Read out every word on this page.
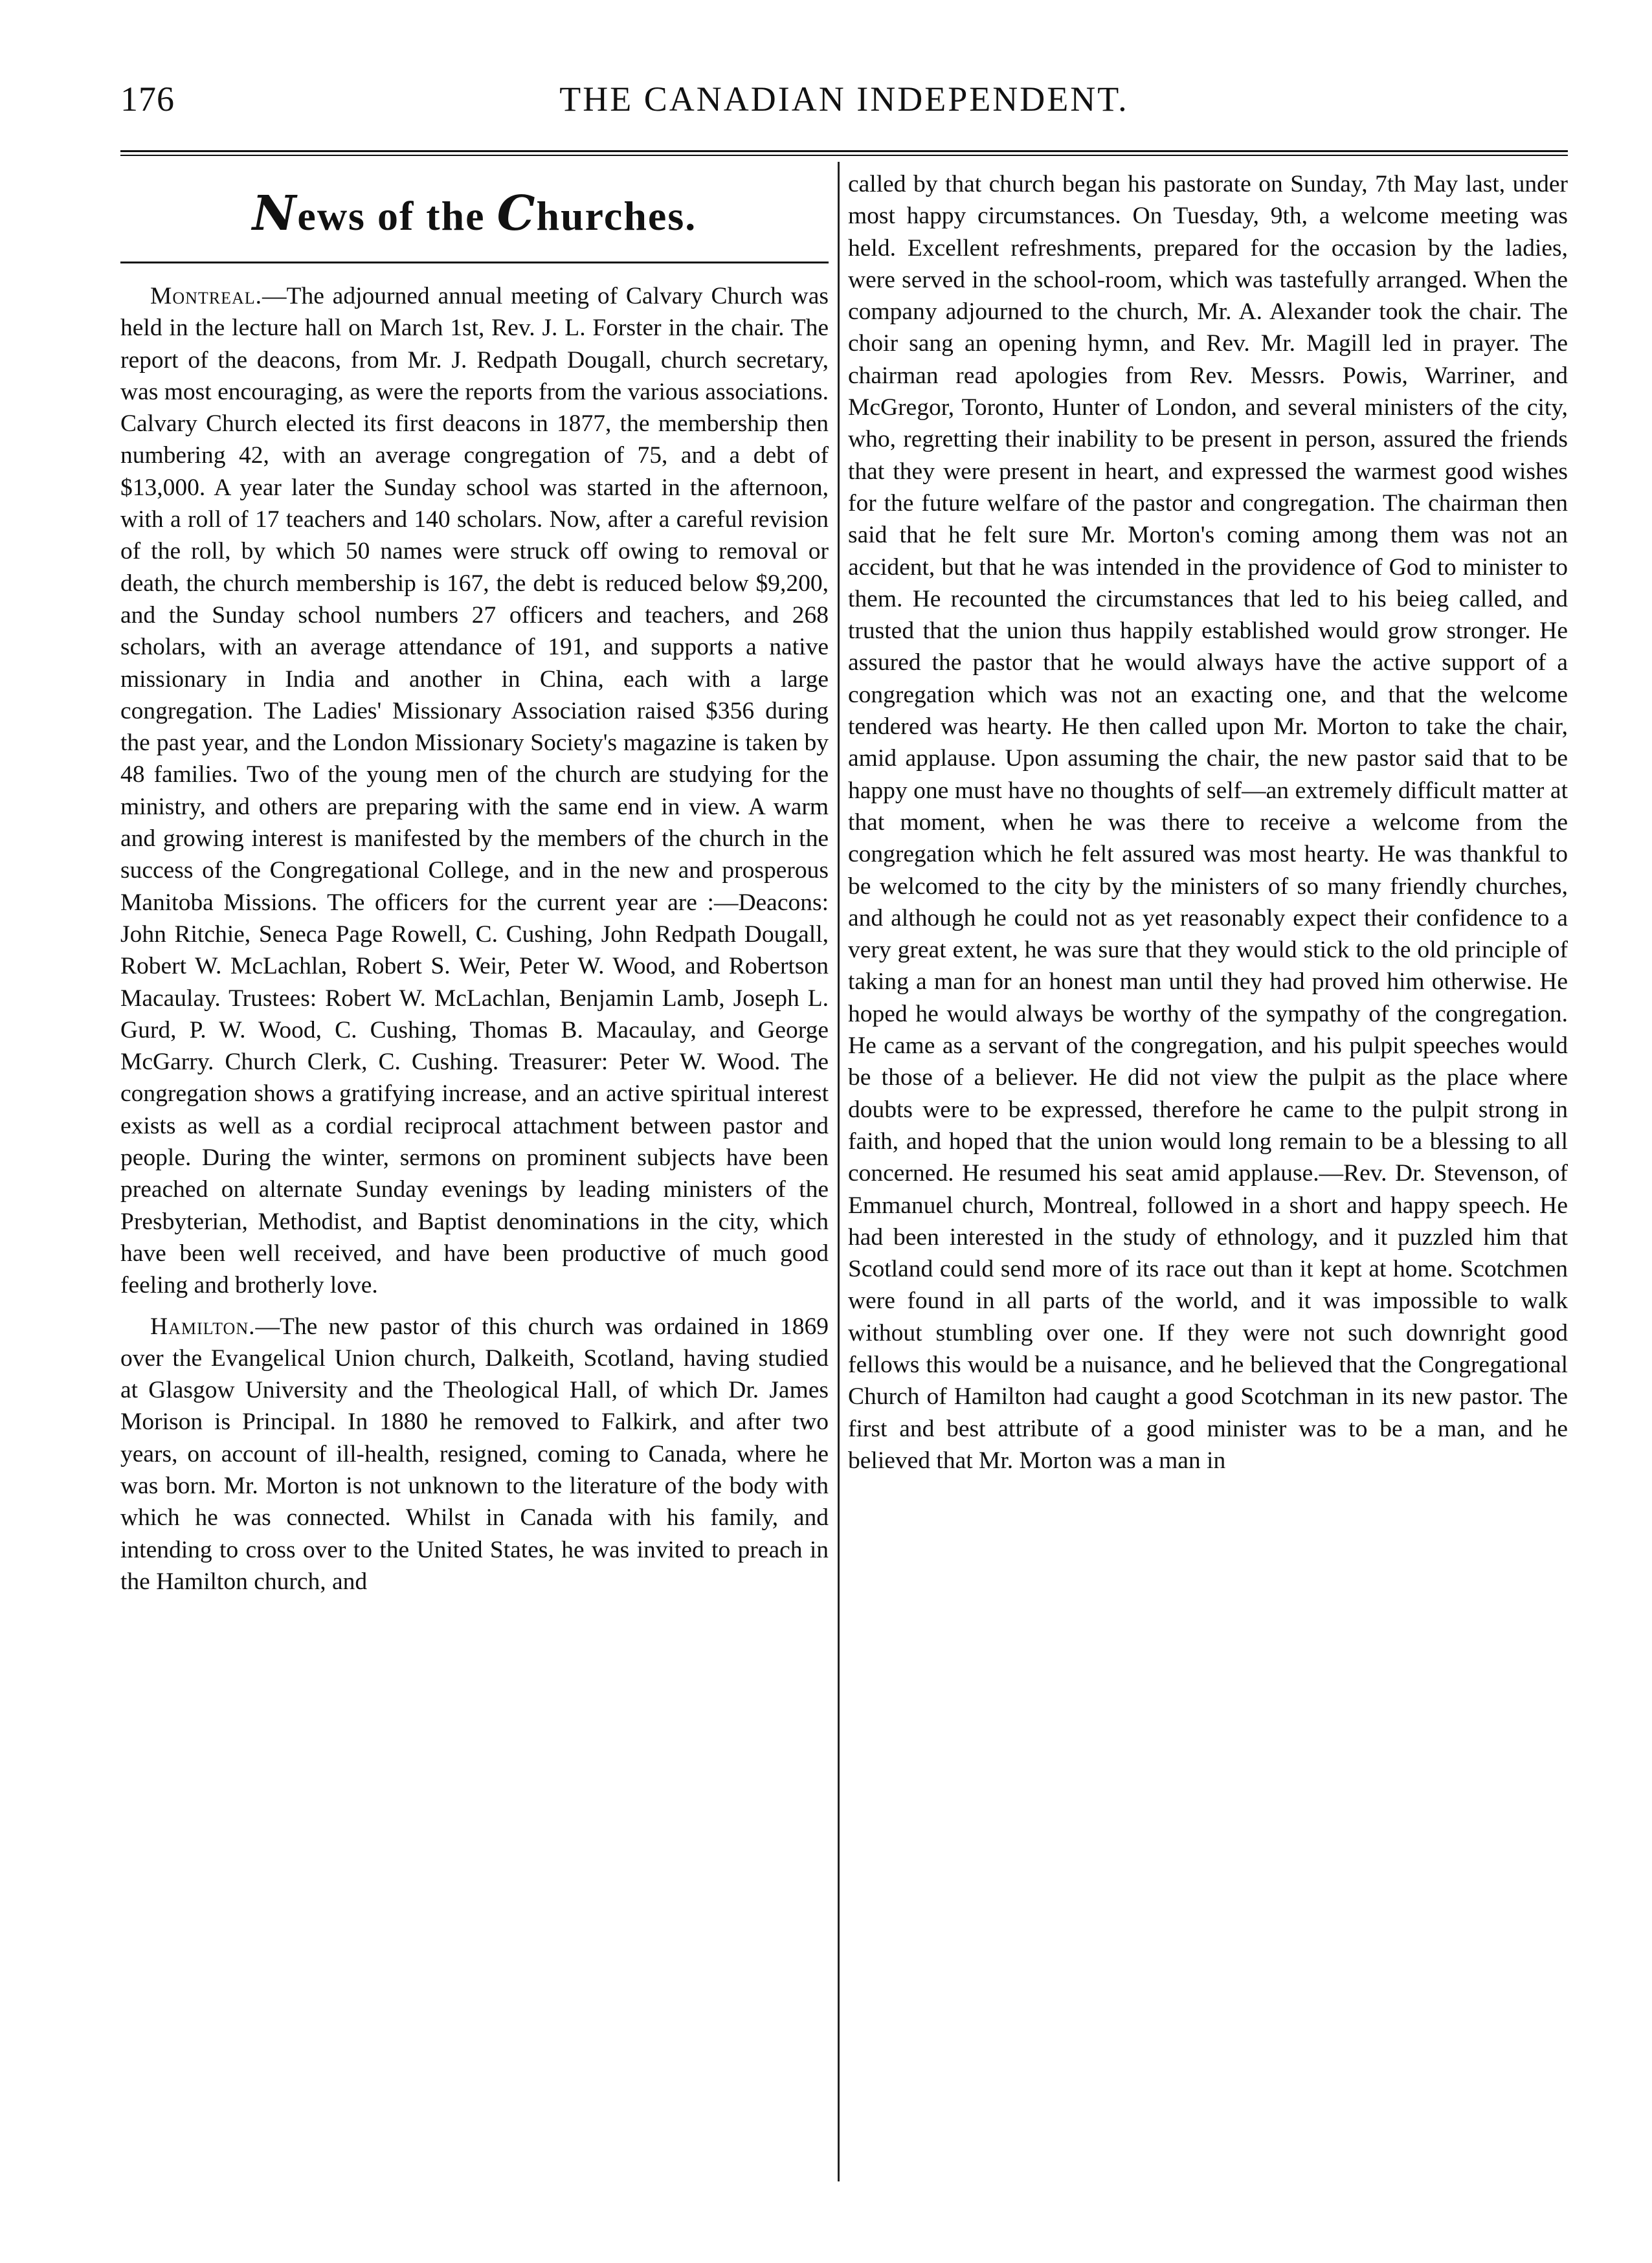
176	THE CANADIAN INDEPENDENT.
News of the Churches.

Montreal.—The adjourned annual meeting of Calvary Church was held in the lecture hall on March 1st, Rev. J. L. Forster in the chair. The report of the deacons, from Mr. J. Redpath Dougall, church secretary, was most encouraging, as were the reports from the various associations. Calvary Church elected its first deacons in 1877, the membership then numbering 42, with an average congregation of 75, and a debt of $13,000. A year later the Sunday school was started in the afternoon, with a roll of 17 teachers and 140 scholars. Now, after a careful revision of the roll, by which 50 names were struck off owing to removal or death, the church membership is 167, the debt is reduced below $9,200, and the Sunday school numbers 27 officers and teachers, and 268 scholars, with an average attendance of 191, and supports a native missionary in India and another in China, each with a large congregation. The Ladies' Missionary Association raised $356 during the past year, and the London Missionary Society's magazine is taken by 48 families. Two of the young men of the church are studying for the ministry, and others are preparing with the same end in view. A warm and growing interest is manifested by the members of the church in the success of the Congregational College, and in the new and prosperous Manitoba Missions. The officers for the current year are :—Deacons: John Ritchie, Seneca Page Rowell, C. Cushing, John Redpath Dougall, Robert W. McLachlan, Robert S. Weir, Peter W. Wood, and Robertson Macaulay. Trustees: Robert W. McLachlan, Benjamin Lamb, Joseph L. Gurd, P. W. Wood, C. Cushing, Thomas B. Macaulay, and George McGarry. Church Clerk, C. Cushing. Treasurer: Peter W. Wood. The congregation shows a gratifying increase, and an active spiritual interest exists as well as a cordial reciprocal attachment between pastor and people. During the winter, sermons on prominent subjects have been preached on alternate Sunday evenings by leading ministers of the Presbyterian, Methodist, and Baptist denominations in the city, which have been well received, and have been productive of much good feeling and brotherly love.

Hamilton.—The new pastor of this church was ordained in 1869 over the Evangelical Union church, Dalkeith, Scotland, having studied at Glasgow University and the Theological Hall, of which Dr. James Morison is Principal. In 1880 he removed to Falkirk, and after two years, on account of ill-health, resigned, coming to Canada, where he was born. Mr. Morton is not unknown to the literature of the body with which he was connected. Whilst in Canada with his family, and intending to cross over to the United States, he was invited to preach in the Hamilton church, and

called by that church began his pastorate on Sunday, 7th May last, under most happy circumstances. On Tuesday, 9th, a welcome meeting was held. Excellent refreshments, prepared for the occasion by the ladies, were served in the school-room, which was tastefully arranged. When the company adjourned to the church, Mr. A. Alexander took the chair. The choir sang an opening hymn, and Rev. Mr. Magill led in prayer. The chairman read apologies from Rev. Messrs. Powis, Warriner, and McGregor, Toronto, Hunter of London, and several ministers of the city, who, regretting their inability to be present in person, assured the friends that they were present in heart, and expressed the warmest good wishes for the future welfare of the pastor and congregation. The chairman then said that he felt sure Mr. Morton's coming among them was not an accident, but that he was intended in the providence of God to minister to them. He recounted the circumstances that led to his beieg called, and trusted that the union thus happily established would grow stronger. He assured the pastor that he would always have the active support of a congregation which was not an exacting one, and that the welcome tendered was hearty. He then called upon Mr. Morton to take the chair, amid applause. Upon assuming the chair, the new pastor said that to be happy one must have no thoughts of self—an extremely difficult matter at that moment, when he was there to receive a welcome from the congregation which he felt assured was most hearty. He was thankful to be welcomed to the city by the ministers of so many friendly churches, and although he could not as yet reasonably expect their confidence to a very great extent, he was sure that they would stick to the old principle of taking a man for an honest man until they had proved him otherwise. He hoped he would always be worthy of the sympathy of the congregation. He came as a servant of the congregation, and his pulpit speeches would be those of a believer. He did not view the pulpit as the place where doubts were to be expressed, therefore he came to the pulpit strong in faith, and hoped that the union would long remain to be a blessing to all concerned. He resumed his seat amid applause.—Rev. Dr. Stevenson, of Emmanuel church, Montreal, followed in a short and happy speech. He had been interested in the study of ethnology, and it puzzled him that Scotland could send more of its race out than it kept at home. Scotchmen were found in all parts of the world, and it was impossible to walk without stumbling over one. If they were not such downright good fellows this would be a nuisance, and he believed that the Congregational Church of Hamilton had caught a good Scotchman in its new pastor. The first and best attribute of a good minister was to be a man, and he believed that Mr. Morton was a man in
